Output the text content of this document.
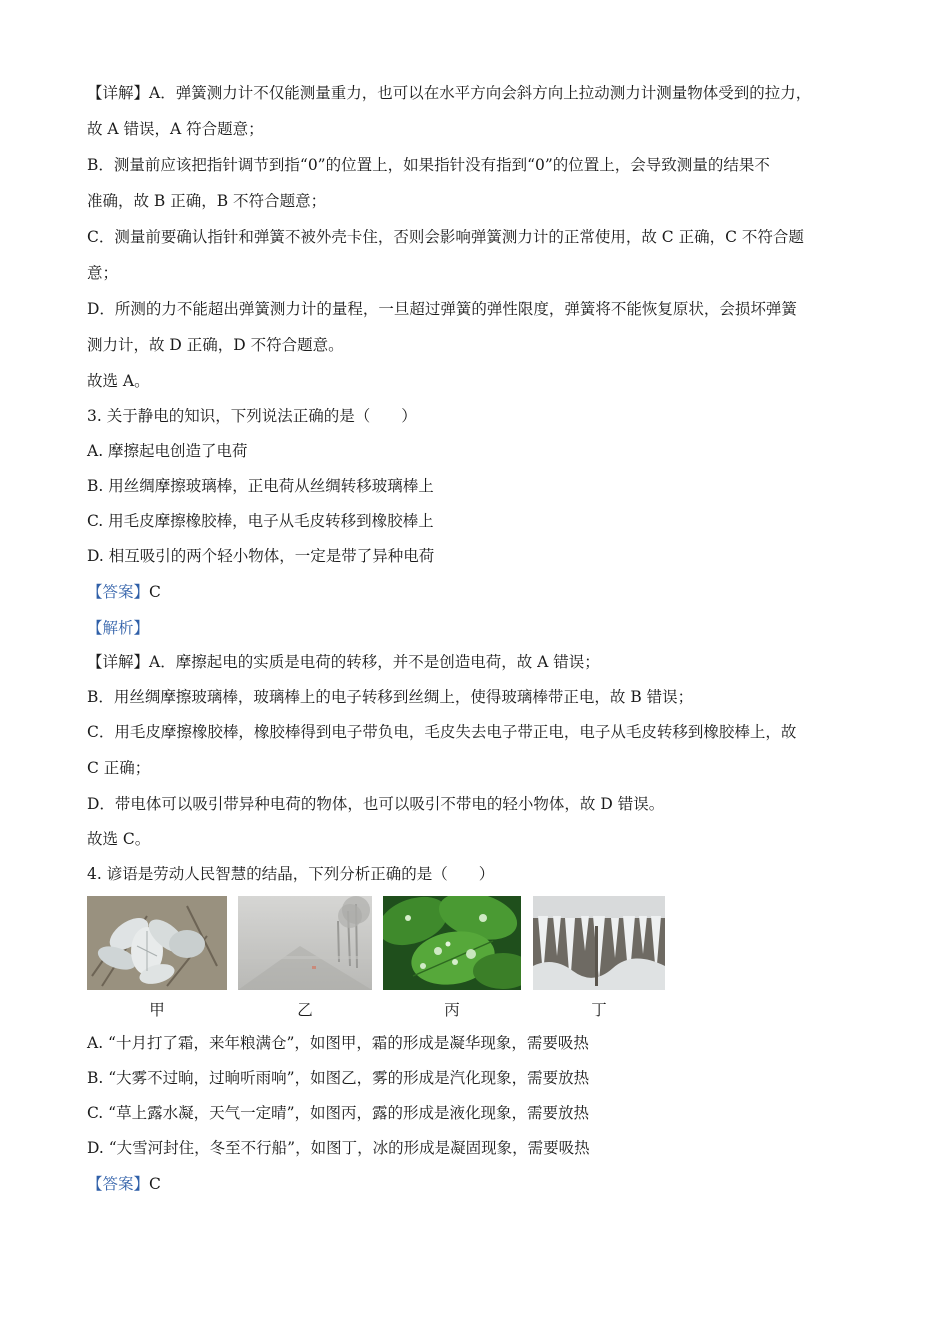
【详解】A．弹簧测力计不仅能测量重力，也可以在水平方向会斜方向上拉动测力计测量物体受到的拉力，
故 A 错误，A 符合题意；
B．测量前应该把指针调节到指“0”的位置上，如果指针没有指到“0”的位置上，会导致测量的结果不
准确，故 B 正确，B 不符合题意；
C．测量前要确认指针和弹簧不被外壳卡住，否则会影响弹簧测力计的正常使用，故 C 正确，C 不符合题
意；
D．所测的力不能超出弹簧测力计的量程，一旦超过弹簧的弹性限度，弹簧将不能恢复原状，会损坏弹簧
测力计，故 D 正确，D 不符合题意。
故选 A。
3. 关于静电的知识，下列说法正确的是（　　）
A. 摩擦起电创造了电荷
B. 用丝绸摩擦玻璃棒，正电荷从丝绸转移玻璃棒上
C. 用毛皮摩擦橡胶棒，电子从毛皮转移到橡胶棒上
D. 相互吸引的两个轻小物体，一定是带了异种电荷
【答案】C
【解析】
【详解】A．摩擦起电的实质是电荷的转移，并不是创造电荷，故 A 错误；
B．用丝绸摩擦玻璃棒，玻璃棒上的电子转移到丝绸上，使得玻璃棒带正电，故 B 错误；
C．用毛皮摩擦橡胶棒，橡胶棒得到电子带负电，毛皮失去电子带正电，电子从毛皮转移到橡胶棒上，故
C 正确；
D．带电体可以吸引带异种电荷的物体，也可以吸引不带电的轻小物体，故 D 错误。
故选 C。
4. 谚语是劳动人民智慧的结晶，下列分析正确的是（　　）
甲	乙	丙	丁
A. “十月打了霜，来年粮满仓”，如图甲，霜的形成是凝华现象，需要吸热
B. “大雾不过晌，过晌听雨响”，如图乙，雾的形成是汽化现象，需要放热
C. “草上露水凝，天气一定晴”，如图丙，露的形成是液化现象，需要放热
D. “大雪河封住，冬至不行船”，如图丁，冰的形成是凝固现象，需要吸热
【答案】C
